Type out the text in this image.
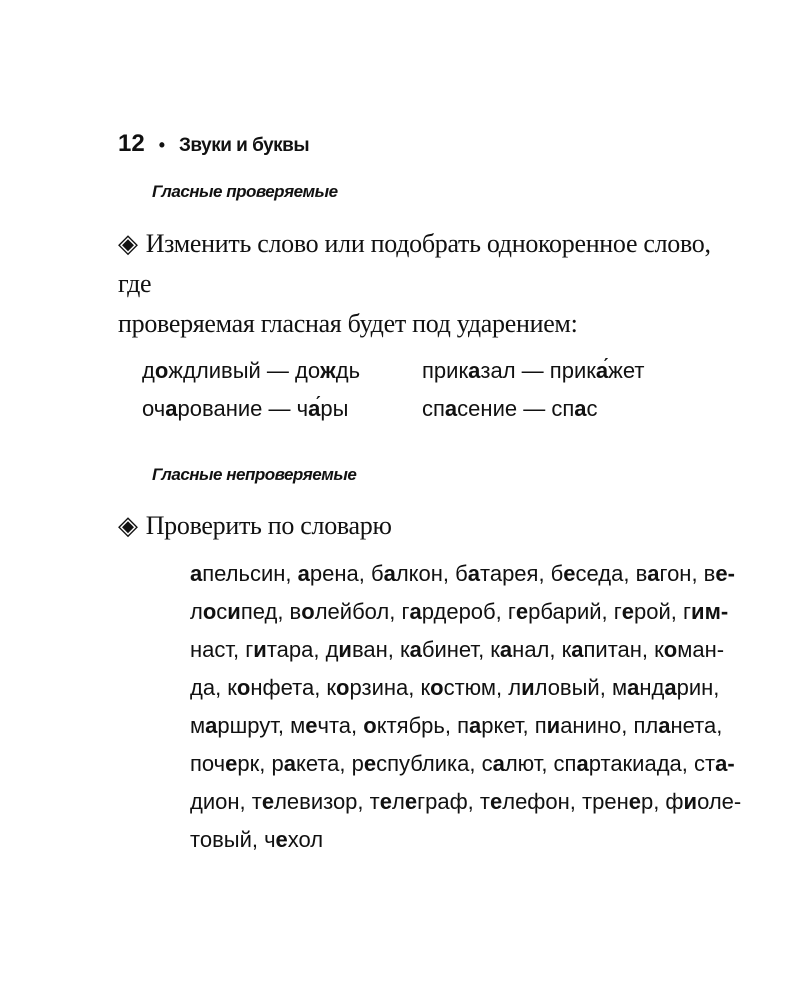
12 • Звуки и буквы
Гласные проверяемые
◈ Изменить слово или подобрать однокоренное слово, где
проверяемая гласная будет под ударением:
дождливый — дождь	приказал — прикажет
очарование — чары	спасение — спас
Гласные непроверяемые
◈ Проверить по словарю
апельсин, арена, балкон, батарея, беседа, вагон, ве-
лосипед, волейбол, гардероб, гербарий, герой, гим-
наст, гитара, диван, кабинет, канал, капитан, коман-
да, конфета, корзина, костюм, лиловый, мандарин,
маршрут, мечта, октябрь, паркет, пианино, планета,
почерк, ракета, республика, салют, спартакиада, ста-
дион, телевизор, телеграф, телефон, тренер, фиоле-
товый, чехол
